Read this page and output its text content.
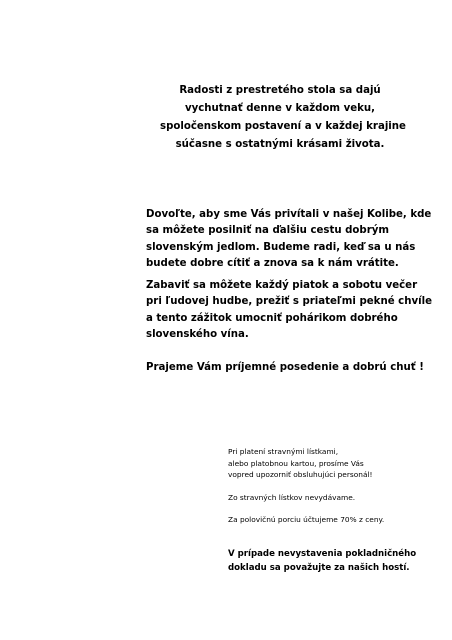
Radosti z prestretého stola sa dajú
vychutnať denne v každom veku,
spoločenskom postavení a v každej krajine
súčasne s ostatnými krásami života.
Dovoľte, aby sme Vás privítali v našej Kolibe, kde
sa môžete posilniť na ďalšiu cestu dobrým
slovenským jedlom. Budeme radi, keď sa u nás
budete dobre cítiť a znova sa k nám vrátite.
Zabaviť sa môžete každý piatok a sobotu večer
pri ľudovej hudbe, prežiť s priateľmi pekné chvíle
a tento zážitok umocniť pohárikom dobrého
slovenského vína.
Prajeme Vám príjemné posedenie a dobrú chuť !
Pri platení stravnými lístkami,
alebo platobnou kartou, prosíme Vás
vopred upozorniť obsluhujúci personál!
Zo stravných lístkov nevydávame.
Za polovičnú porciu účtujeme 70% z ceny.
V prípade nevystavenia pokladničného
dokladu sa považujte za našich hostí.
